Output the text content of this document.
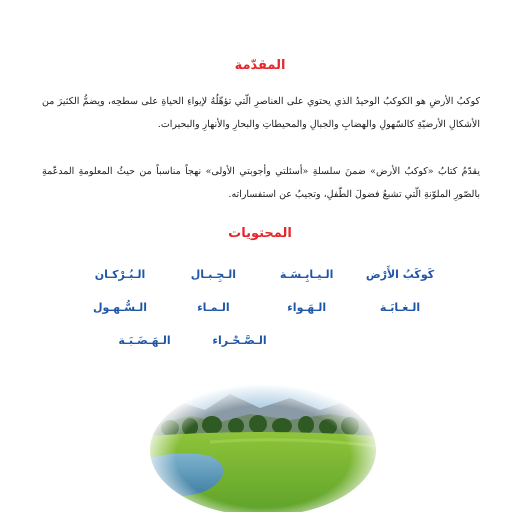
المقدّمة

كوكبُ الأرضِ هو الكوكبُ الوحيدُ الذي يحتوي على العناصرِ الّتي تؤهّلُهُ لإيواءِ الحياةِ على سطحِه، ويضمُّ الكثيرَ من الأشكالِ الأرضيّةِ كالسّهولِ والهضابِ والجبالِ والمحيطاتِ والبحارِ والأنهارِ والبحيرات.

يقدّمُ كتابُ «كوكبُ الأرض» ضمنَ سلسلةِ «أسئلتي وأجوبتي الأولى» نهجاً مناسباً من حيثُ المعلومةِ المدعّمةِ بالصّورِ الملوّنةِ الّتي تشبعُ فضولَ الطّفلِ، وتجيبُ عن استفساراته.

المحتويات
كَوكَبُ الأَرْض
الـيـابِـسَـة
الـجِـبـال
الـبُـرْكـان
الـغـابَـة
الـهَـواء
الـمـاء
الـسُّـهـول
الـصَّـحْـراء
الـهَـضَـبَـة
